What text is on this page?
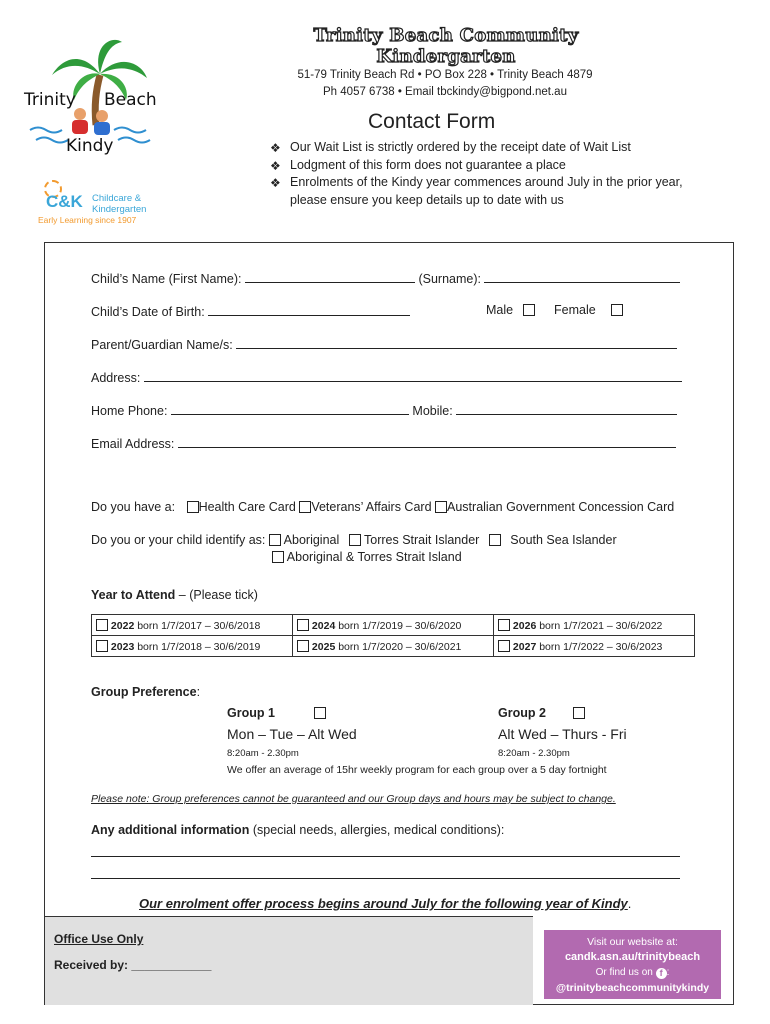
Trinity Beach
Kindy
C&K Childcare &
Kindergarten
Early Learning since 1907
Trinity Beach Community Kindergarten
51-79 Trinity Beach Rd • PO Box 228 • Trinity Beach 4879
Ph 4057 6738 • Email tbckindy@bigpond.net.au
Contact Form
❖ Our Wait List is strictly ordered by the receipt date of Wait List
❖ Lodgment of this form does not guarantee a place
❖ Enrolments of the Kindy year commences around July in the prior year, please ensure you keep details up to date with us
Child’s Name (First Name):	(Surname):
Child’s Date of Birth:	Male	Female
Parent/Guardian Name/s:
Address:
Home Phone:	Mobile:
Email Address:
Do you have a: Health Care Card Veterans’ Affairs Card Australian Government Concession Card
Do you or your child identify as: Aboriginal Torres Strait Islander South Sea Islander
Aboriginal & Torres Strait Island
Year to Attend – (Please tick)
2022 born 1/7/2017 – 30/6/2018	2024 born 1/7/2019 – 30/6/2020	2026 born 1/7/2021 – 30/6/2022
2023 born 1/7/2018 – 30/6/2019	2025 born 1/7/2020 – 30/6/2021	2027 born 1/7/2022 – 30/6/2023
Group Preference:
Group 1
Mon – Tue – Alt Wed
8:20am - 2.30pm
Group 2
Alt Wed – Thurs - Fri
8:20am - 2.30pm
We offer an average of 15hr weekly program for each group over a 5 day fortnight
Please note: Group preferences cannot be guaranteed and our Group days and hours may be subject to change.
Any additional information (special needs, allergies, medical conditions):
Our enrolment offer process begins around July for the following year of Kindy.
Office Use Only
Received by: ____________
Visit our website at:
candk.asn.au/trinitybeach
Or find us on f :
@trinitybeachcommunitykindy
